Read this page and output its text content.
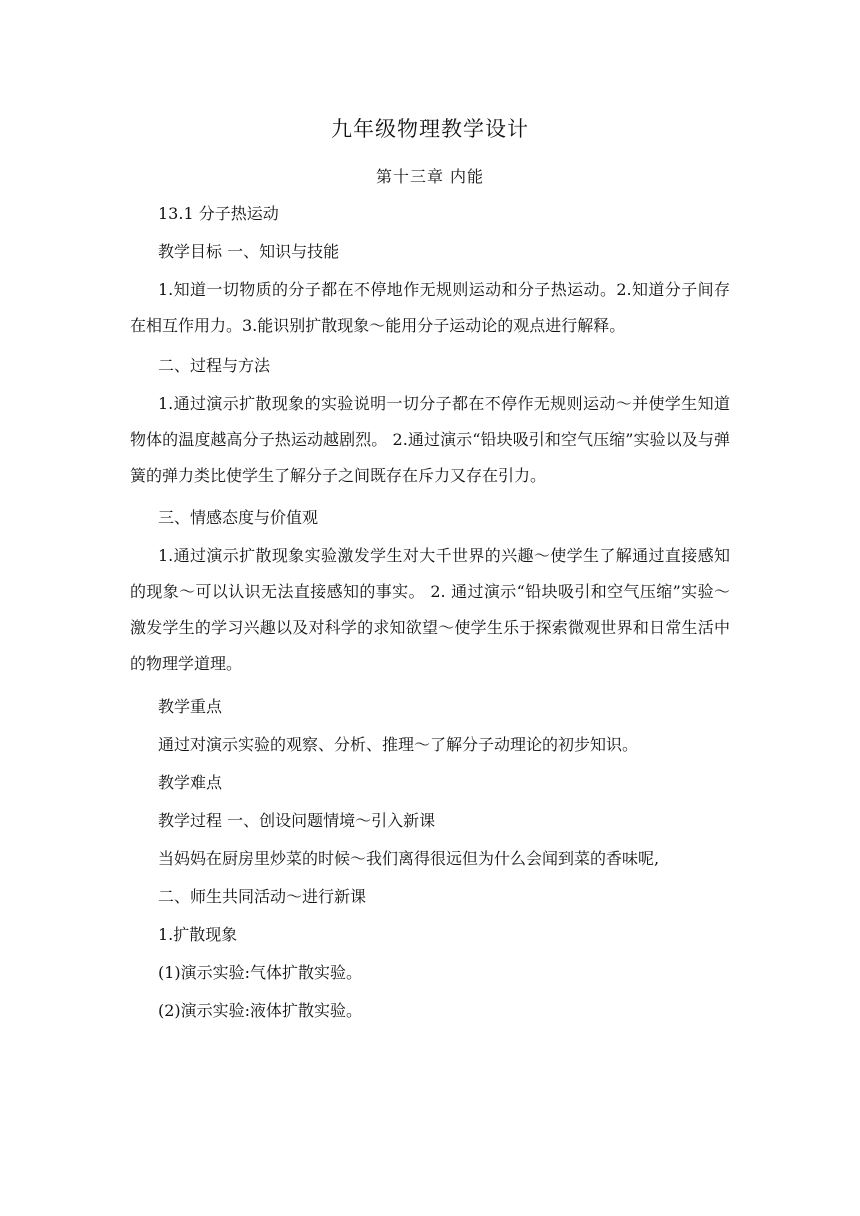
九年级物理教学设计
第十三章 内能

13.1 分子热运动

教学目标 一、知识与技能

1.知道一切物质的分子都在不停地作无规则运动和分子热运动。2.知道分子间存在相互作用力。3.能识别扩散现象～能用分子运动论的观点进行解释。

二、过程与方法

1.通过演示扩散现象的实验说明一切分子都在不停作无规则运动～并使学生知道物体的温度越高分子热运动越剧烈。 2.通过演示“铅块吸引和空气压缩”实验以及与弹簧的弹力类比使学生了解分子之间既存在斥力又存在引力。

三、情感态度与价值观

1.通过演示扩散现象实验激发学生对大千世界的兴趣～使学生了解通过直接感知的现象～可以认识无法直接感知的事实。 2. 通过演示“铅块吸引和空气压缩”实验～激发学生的学习兴趣以及对科学的求知欲望～使学生乐于探索微观世界和日常生活中的物理学道理。

教学重点

通过对演示实验的观察、分析、推理～了解分子动理论的初步知识。

教学难点

教学过程 一、创设问题情境～引入新课

当妈妈在厨房里炒菜的时候～我们离得很远但为什么会闻到菜的香味呢,

二、师生共同活动～进行新课

1.扩散现象

(1)演示实验:气体扩散实验。

(2)演示实验:液体扩散实验。
